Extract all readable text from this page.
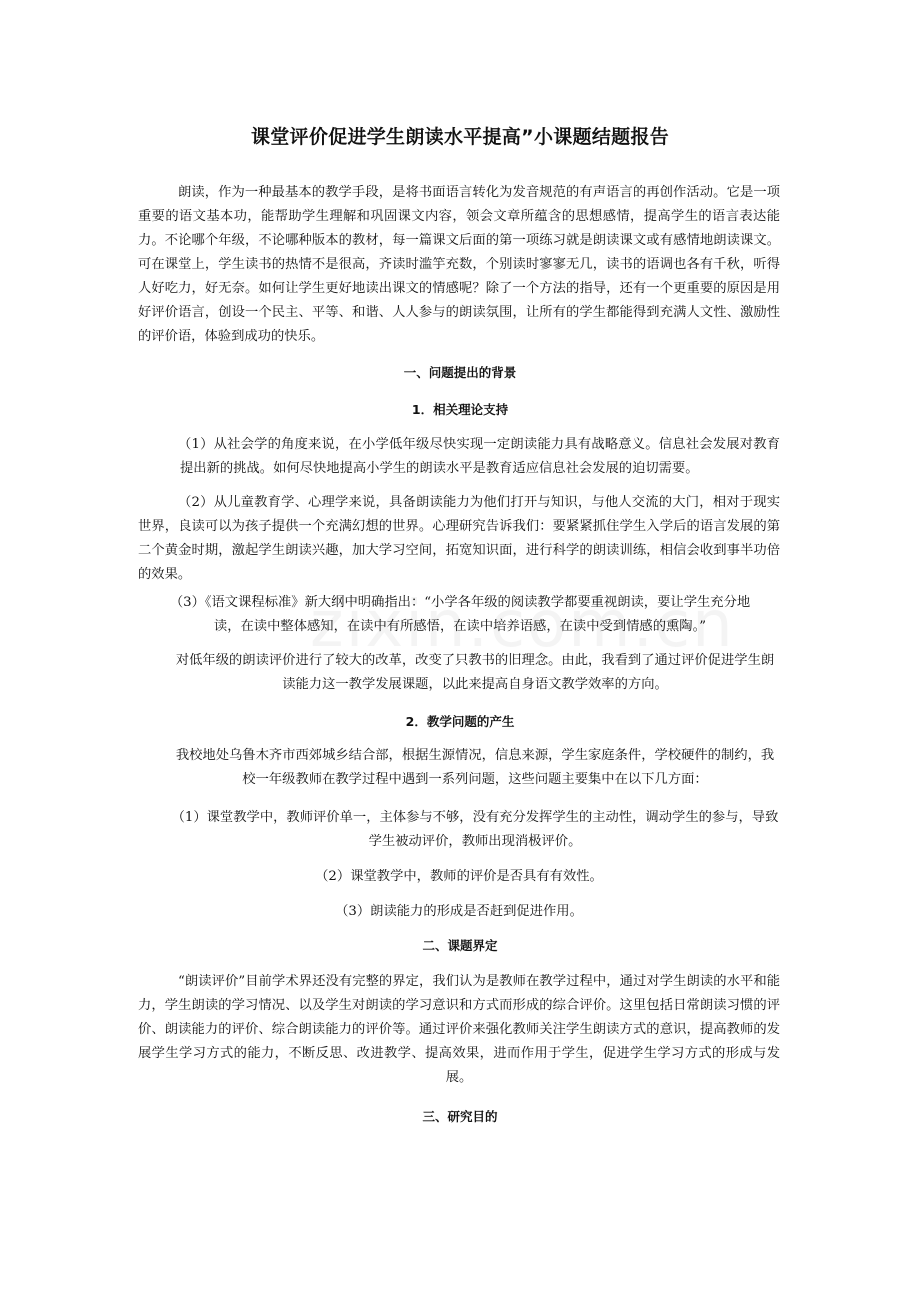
课堂评价促进学生朗读水平提高”小课题结题报告

朗读，作为一种最基本的教学手段，是将书面语言转化为发音规范的有声语言的再创作活动。它是一项重要的语文基本功，能帮助学生理解和巩固课文内容，领会文章所蕴含的思想感情，提高学生的语言表达能力。不论哪个年级，不论哪种版本的教材，每一篇课文后面的第一项练习就是朗读课文或有感情地朗读课文。可在课堂上，学生读书的热情不是很高，齐读时滥竽充数，个别读时寥寥无几，读书的语调也各有千秋，听得人好吃力，好无奈。如何让学生更好地读出课文的情感呢？除了一个方法的指导，还有一个更重要的原因是用好评价语言，创设一个民主、平等、和谐、人人参与的朗读氛围，让所有的学生都能得到充满人文性、激励性的评价语，体验到成功的快乐。

一、问题提出的背景
1．相关理论支持

（1）从社会学的角度来说，在小学低年级尽快实现一定朗读能力具有战略意义。信息社会发展对教育提出新的挑战。如何尽快地提高小学生的朗读水平是教育适应信息社会发展的迫切需要。

（2）从儿童教育学、心理学来说，具备朗读能力为他们打开与知识，与他人交流的大门，相对于现实世界，良读可以为孩子提供一个充满幻想的世界。心理研究告诉我们：要紧紧抓住学生入学后的语言发展的第二个黄金时期，激起学生朗读兴趣，加大学习空间，拓宽知识面，进行科学的朗读训练，相信会收到事半功倍的效果。

（3）《语文课程标准》新大纲中明确指出：“小学各年级的阅读教学都要重视朗读，要让学生充分地读，在读中整体感知，在读中有所感悟，在读中培养语感，在读中受到情感的熏陶。”

对低年级的朗读评价进行了较大的改革，改变了只教书的旧理念。由此，我看到了通过评价促进学生朗读能力这一教学发展课题，以此来提高自身语文教学效率的方向。

2．教学问题的产生

我校地处乌鲁木齐市西郊城乡结合部，根据生源情况，信息来源，学生家庭条件，学校硬件的制约，我校一年级教师在教学过程中遇到一系列问题，这些问题主要集中在以下几方面：

（1）课堂教学中，教师评价单一，主体参与不够，没有充分发挥学生的主动性，调动学生的参与，导致学生被动评价，教师出现消极评价。

（2）课堂教学中，教师的评价是否具有有效性。

（3）朗读能力的形成是否赶到促进作用。

二、课题界定

“朗读评价”目前学术界还没有完整的界定，我们认为是教师在教学过程中，通过对学生朗读的水平和能力，学生朗读的学习情况、以及学生对朗读的学习意识和方式而形成的综合评价。这里包括日常朗读习惯的评价、朗读能力的评价、综合朗读能力的评价等。通过评价来强化教师关注学生朗读方式的意识，提高教师的发展学生学习方式的能力，不断反思、改进教学、提高效果，进而作用于学生，促进学生学习方式的形成与发展。

三、研究目的
